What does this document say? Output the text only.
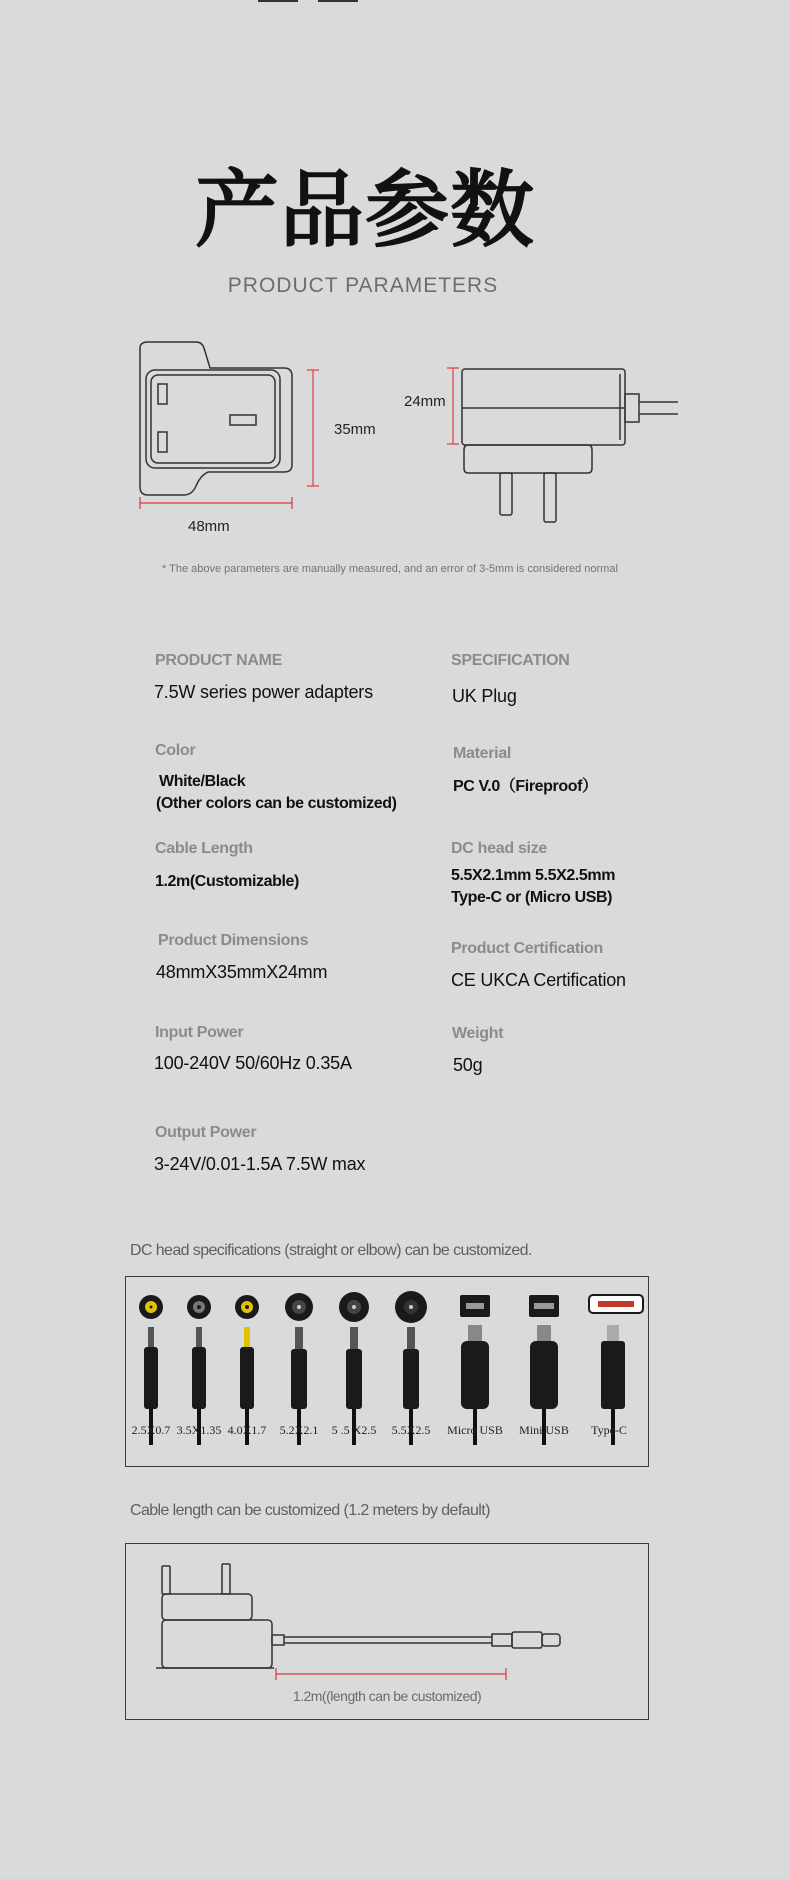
产品参数
PRODUCT PARAMETERS
35mm
48mm
24mm
* The above parameters are manually measured, and an error of 3-5mm is considered normal
PRODUCT NAME
7.5W series power adapters
SPECIFICATION
UK Plug
Color
White/Black
(Other colors can be customized)
Material
PC V.0（Fireproof）
Cable Length
1.2m(Customizable)
DC head size
5.5X2.1mm 5.5X2.5mm
Type-C or (Micro USB)
Product Dimensions
48mmX35mmX24mm
Product Certification
CE UKCA Certification
Input Power
100-240V 50/60Hz 0.35A
Weight
50g
Output Power
3-24V/0.01-1.5A 7.5W max
DC head specifications (straight or elbow) can be customized.
2.5X0.7 3.5X1.35 4.0X1.7	5.2X2.1	5 .5 X2.5	5.5X2.5	Micro USB	Mini USB	Type-C
Cable length can be customized (1.2 meters by default)
1.2m((length can be customized)
